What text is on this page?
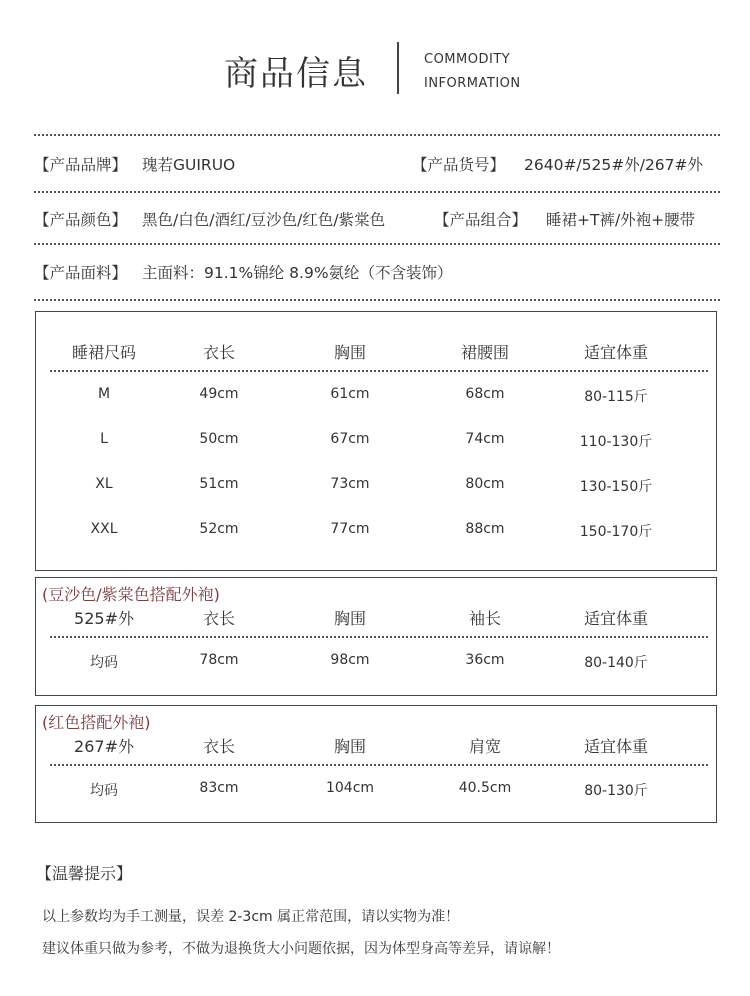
商品信息	COMMODITY
INFORMATION
【产品品牌】 瑰若GUIRUO	【产品货号】 2640#/525#外/267#外
【产品颜色】 黑色/白色/酒红/豆沙色/红色/紫棠色	【产品组合】 睡裙+T裤/外袍+腰带
【产品面料】 主面料：91.1%锦纶 8.9%氨纶（不含装饰）
睡裙尺码	衣长	胸围	裙腰围	适宜体重
M	49cm	61cm	68cm	80-115斤
L	50cm	67cm	74cm	110-130斤
XL	51cm	73cm	80cm	130-150斤
XXL	52cm	77cm	88cm	150-170斤
(豆沙色/紫棠色搭配外袍)
525#外	衣长	胸围	袖长	适宜体重
均码	78cm	98cm	36cm	80-140斤
(红色搭配外袍)
267#外	衣长	胸围	肩宽	适宜体重
均码	83cm	104cm	40.5cm	80-130斤
【温馨提示】
以上参数均为手工测量，误差 2-3cm 属正常范围，请以实物为准！
建议体重只做为参考，不做为退换货大小问题依据，因为体型身高等差异，请谅解！
